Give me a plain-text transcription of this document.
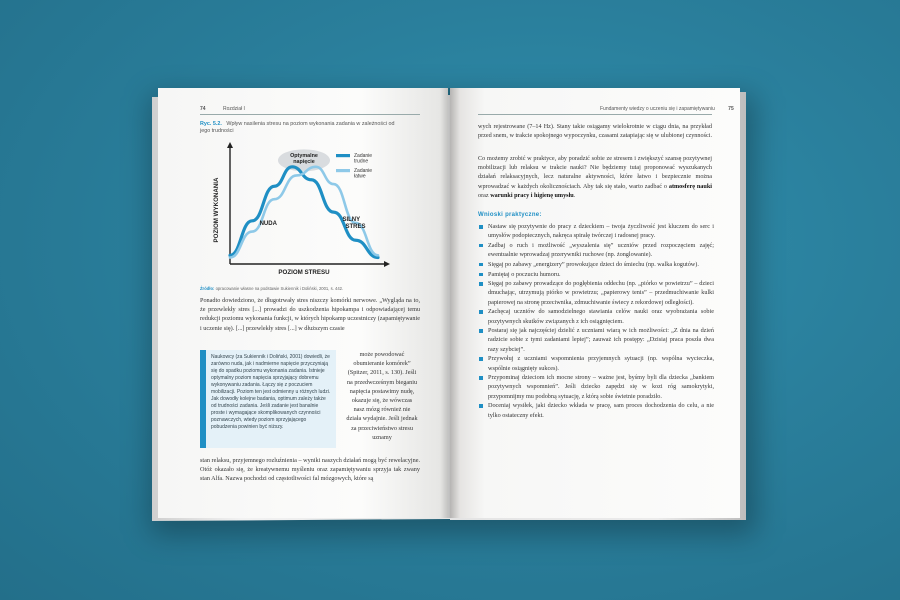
74	Rozdział I
Ryc. 5.2. Wpływ nasilenia stresu na poziom wykonania zadania w zależności od jego trudności
Optymalne napięcie
NUDA
SILNY STRES
POZIOM STRESU
POZIOM WYKONANIA
Zadanie trudne
Zadanie łatwe
Źródło: opracowanie własne na podstawie Sukiennik i Doliński, 2001, s. 442.
Ponadto dowiedziono, że długotrwały stres niszczy komórki nerwowe. „Wygląda na to, że przewlekły stres [...] prowadzi do uszkodzenia hipokampa i odpowiadającej temu redukcji poziomu wykonania funkcji, w których hipokamp uczestniczy (zapamiętywanie i uczenie się). [...] przewlekły stres [...] w dłuższym czasie
Naukowcy (za Sukiennik i Doliński, 2001) dowiedli, że zarówno nuda, jak i nadmierne napięcie przyczyniają się do spadku poziomu wykonania zadania. Istnieje optymalny poziom napięcia sprzyjający dobremu wykonywaniu zadania. Łączy się z poczuciem mobilizacji. Poziom ten jest odmienny u różnych ludzi. Jak dowodły kolejne badania, optimum zależy także od trudności zadania. Jeśli zadanie jest banalnie proste i wymagające skomplikowanych czynności poznawczych, wtedy poziom sprzyjającego pobudzenia powinien być niższy.
może powodować obumieranie komórek” (Spitzer, 2011, s. 130). Jeśli na przedwcześnym bieganiu napięcia postawimy nudę, okazuje się, że wówczas nasz mózg również nie działa wydajnie. Jeśli jednak za przeciwieństwo stresu uznamy
stan relaksu, przyjemnego rozluźnienia – wyniki naszych działań mogą być rewelacyjne. Otóż okazało się, że kreatywnemu myśleniu oraz zapamiętywaniu sprzyja tak zwany stan Alfa. Nazwa pochodzi od częstotliwości fal mózgowych, które są
Fundamenty wiedzy o uczeniu się i zapamiętywaniu	75
wych rejestrowane (7–14 Hz). Stany takie osiągamy wielokrotnie w ciągu dnia, na przykład przed snem, w trakcie spokojnego wypoczynku, czasami zatapiając się w ulubionej czynności.
Co możemy zrobić w praktyce, aby poradzić sobie ze stresem i zwiększyć szansę pozytywnej mobilizacji lub relaksu w trakcie nauki? Nie będziemy tutaj proponować wyszukanych działań relaksacyjnych, lecz naturalne aktywności, które łatwo i bezpiecznie można wprowadzać w każdych okolicznościach. Aby tak się stało, warto zadbać o atmosferę nauki oraz warunki pracy i higienę umysłu.
Wnioski praktyczne:
Nastaw się pozytywnie do pracy z dzieckiem – twoja życzliwość jest kluczem do serc i umysłów podopiecznych, nakręca spiralę twórczej i radosnej pracy.
Zadbaj o ruch i możliwość „wyszalenia się” uczniów przed rozpoczęciem zajęć; ewentualnie wprowadzaj przerywniki ruchowe (np. żonglowanie).
Sięgaj po zabawy „energizery” prowokujące dzieci do śmiechu (np. walka kogutów).
Pamiętaj o poczuciu humoru.
Sięgaj po zabawy prowadzące do pogłębienia oddechu (np. „piórko w powietrzu” – dzieci dmuchając, utrzymują piórko w powietrzu; „papierowy tenis” – przedmuchiwanie kulki papierowej na stronę przeciwnika, zdmuchiwanie świecy z rekordowej odległości).
Zachęcaj uczniów do samodzielnego stawiania celów nauki oraz wyobrażania sobie pozytywnych skutków związanych z ich osiągnięciem.
Postaraj się jak najczęściej dzielić z uczniami wiarą w ich możliwości: „Z dnia na dzień radzicie sobie z tymi zadaniami lepiej”; zauważ ich postępy: „Dzisiaj praca poszła dwa razy szybciej”.
Przywołuj z uczniami wspomnienia przyjemnych sytuacji (np. wspólna wycieczka, wspólnie osiągnięty sukces).
Przypominaj dzieciom ich mocne strony – ważne jest, byśmy byli dla dziecka „bankiem pozytywnych wspomnień”. Jeśli dziecko zapędzi się w kozi róg samokrytyki, przypomnijmy mu podobną sytuację, z którą sobie świetnie poradziło.
Doceniaj wysiłek, jaki dziecko wkłada w pracę, sam proces dochodzenia do celu, a nie tylko ostateczny efekt.
